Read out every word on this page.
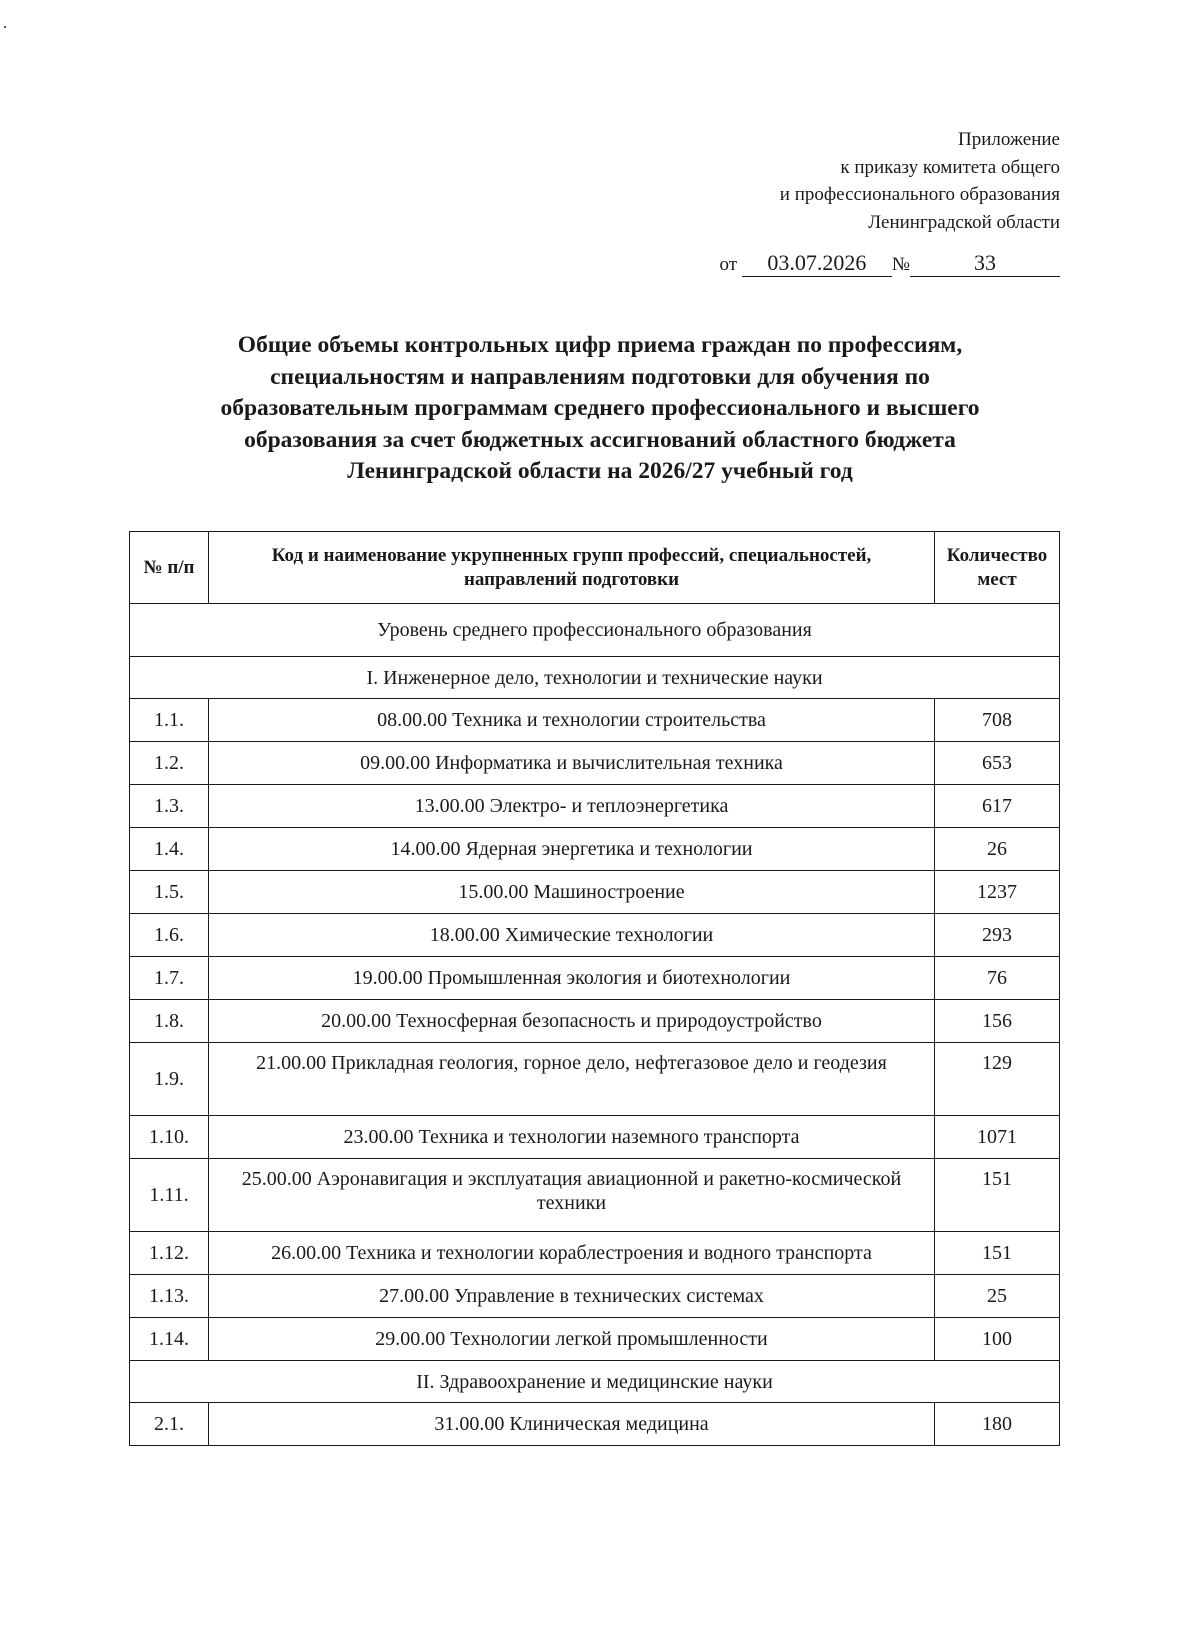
Приложение
к приказу комитета общего
и профессионального образования
Ленинградской области
от 03.07.2026 №	33
Общие объемы контрольных цифр приема граждан по профессиям,
специальностям и направлениям подготовки для обучения по
образовательным программам среднего профессионального и высшего
образования за счет бюджетных ассигнований областного бюджета
Ленинградской области на 2026/27 учебный год
№ п/п	Код и наименование укрупненных групп профессий, специальностей, направлений подготовки	Количество мест
Уровень среднего профессионального образования		
I. Инженерное дело, технологии и технические науки		
1.1.	08.00.00 Техника и технологии строительства	708
1.2.	09.00.00 Информатика и вычислительная техника	653
1.3.	13.00.00 Электро- и теплоэнергетика	617
1.4.	14.00.00 Ядерная энергетика и технологии	26
1.5.	15.00.00 Машиностроение	1237
1.6.	18.00.00 Химические технологии	293
1.7.	19.00.00 Промышленная экология и биотехнологии	76
1.8.	20.00.00 Техносферная безопасность и природоустройство	156
1.9.	21.00.00 Прикладная геология, горное дело, нефтегазовое дело и геодезия	129
1.10.	23.00.00 Техника и технологии наземного транспорта	1071
1.11.	25.00.00 Аэронавигация и эксплуатация авиационной и ракетно-космической техники	151
1.12.	26.00.00 Техника и технологии кораблестроения и водного транспорта	151
1.13.	27.00.00 Управление в технических системах	25
1.14.	29.00.00 Технологии легкой промышленности	100
II. Здравоохранение и медицинские науки		
2.1.	31.00.00 Клиническая медицина	180
